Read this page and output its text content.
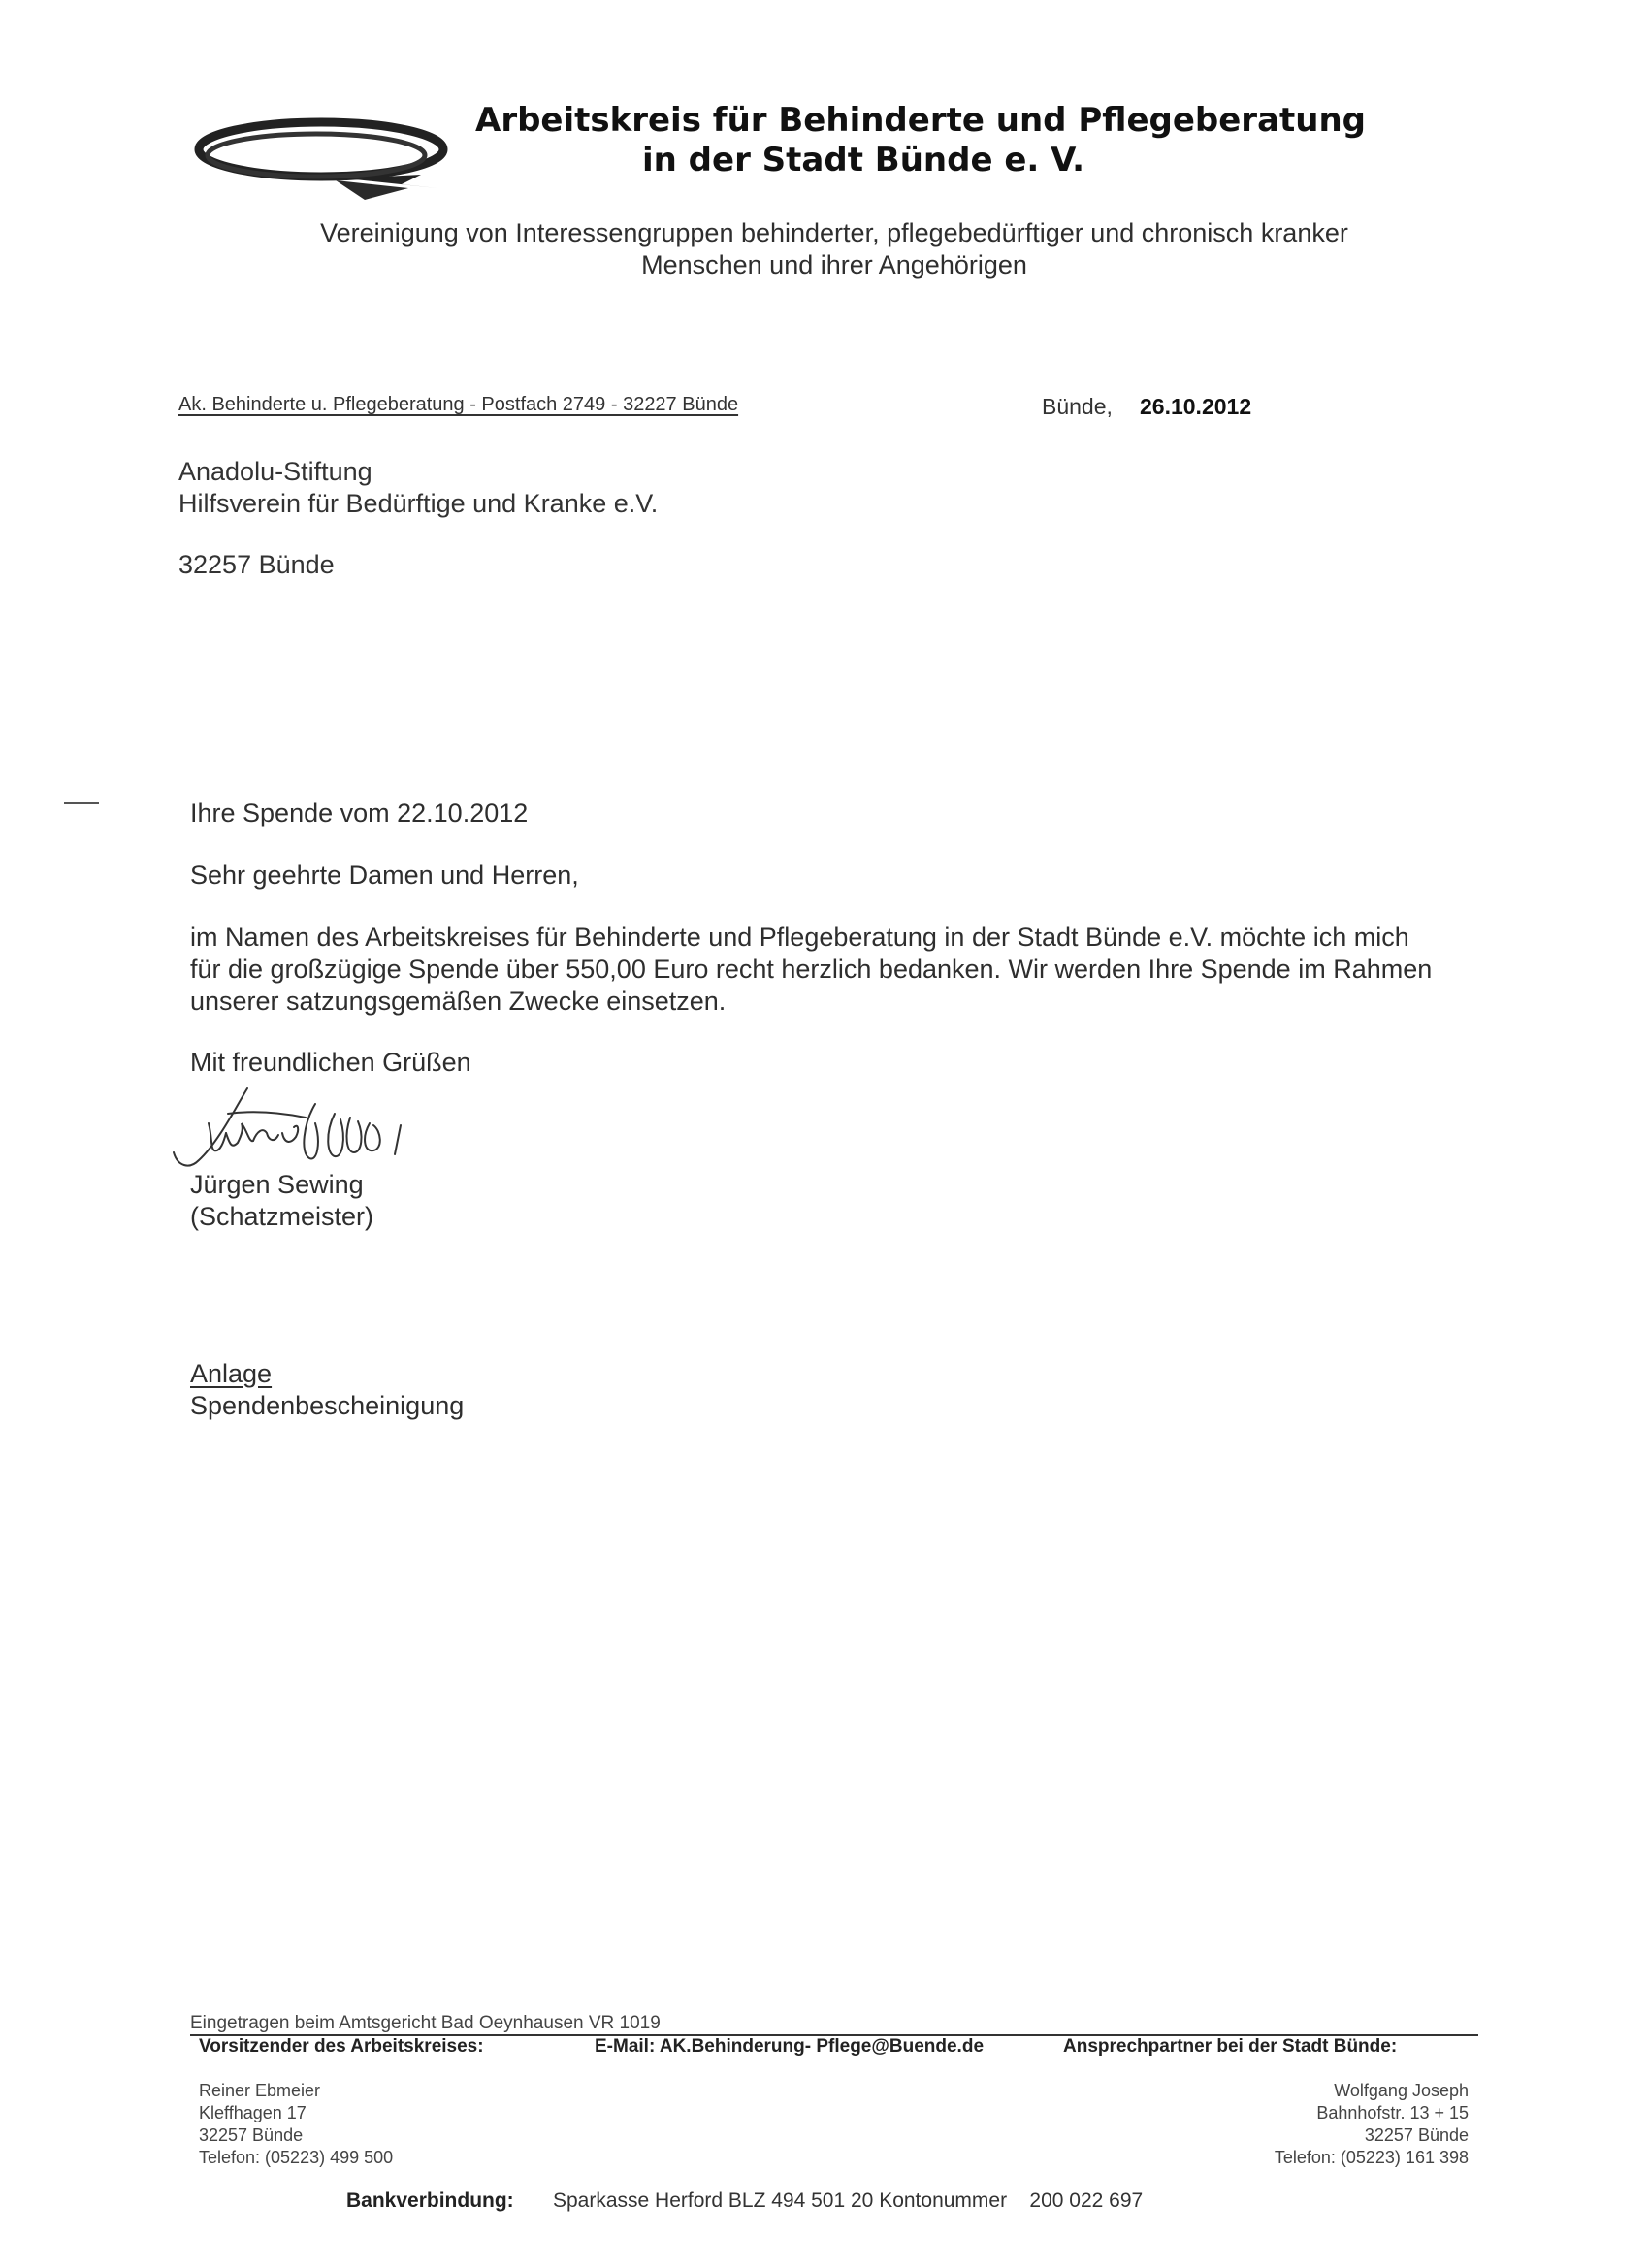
Arbeitskreis für Behinderte und Pflegeberatung
in der Stadt Bünde e. V.
Vereinigung von Interessengruppen behinderter, pflegebedürftiger und chronisch kranker
Menschen und ihrer Angehörigen
Ak. Behinderte u. Pflegeberatung - Postfach 2749 - 32227 Bünde	Bünde, 26.10.2012
Anadolu-Stiftung
Hilfsverein für Bedürftige und Kranke e.V.
32257 Bünde
Ihre Spende vom 22.10.2012
Sehr geehrte Damen und Herren,
im Namen des Arbeitskreises für Behinderte und Pflegeberatung in der Stadt Bünde e.V. möchte ich mich
für die großzügige Spende über 550,00 Euro recht herzlich bedanken. Wir werden Ihre Spende im Rahmen
unserer satzungsgemäßen Zwecke einsetzen.
Mit freundlichen Grüßen
Jürgen Sewing
(Schatzmeister)
Anlage
Spendenbescheinigung
Eingetragen beim Amtsgericht Bad Oeynhausen VR 1019
Vorsitzender des Arbeitskreises:	E-Mail: AK.Behinderung- Pflege@Buende.de	Ansprechpartner bei der Stadt Bünde:
Reiner Ebmeier
Kleffhagen 17
32257 Bünde
Telefon: (05223) 499 500
Wolfgang Joseph
Bahnhofstr. 13 + 15
32257 Bünde
Telefon: (05223) 161 398
Bankverbindung: Sparkasse Herford BLZ 494 501 20 Kontonummer    200 022 697
